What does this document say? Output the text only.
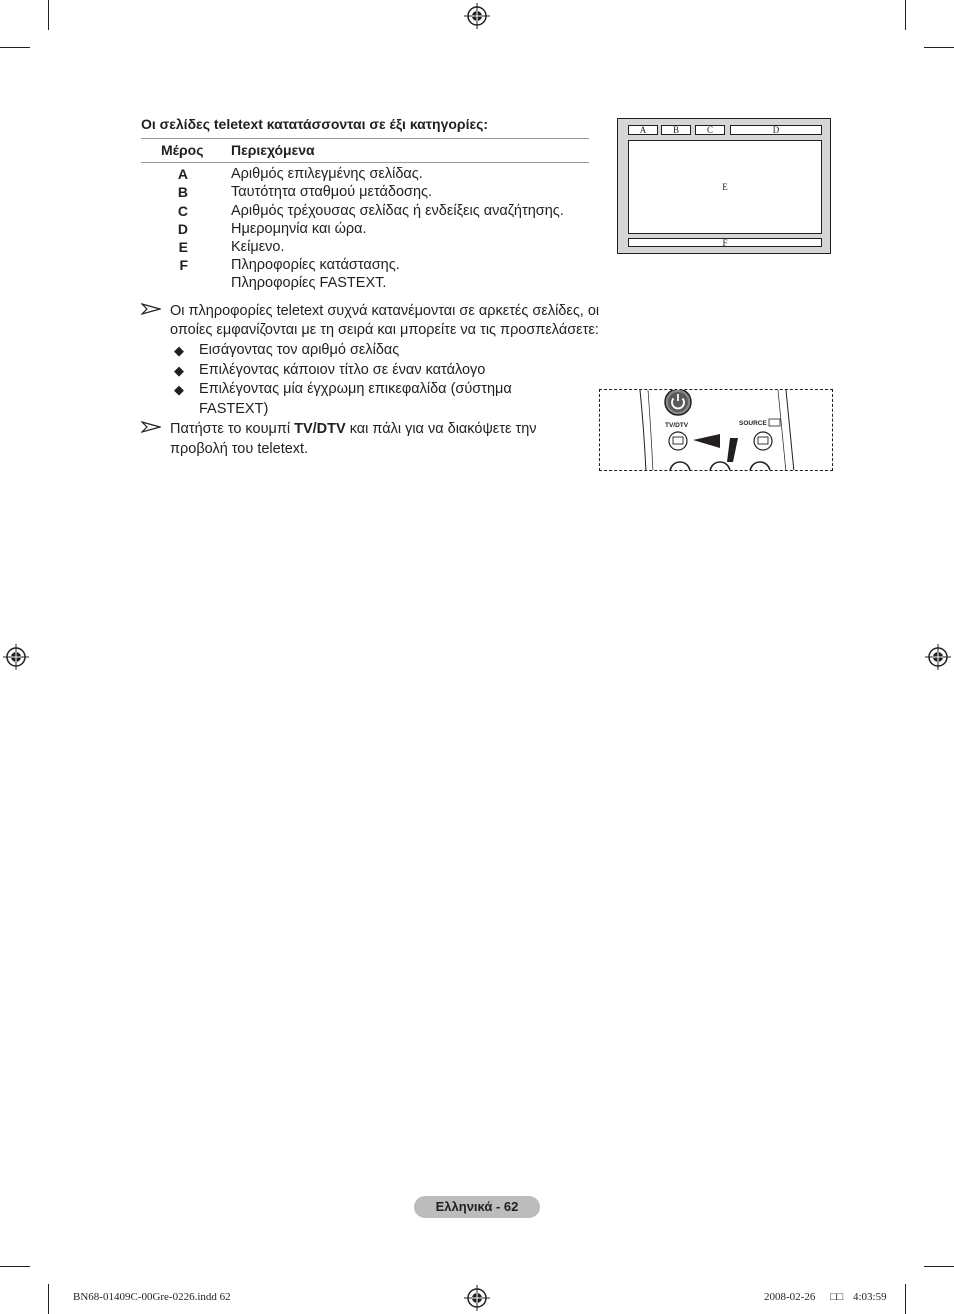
Οι σελίδες teletext κατατάσσονται σε έξι κατηγορίες:
Μέρος Περιεχόμενα
A	Αριθμός επιλεγμένης σελίδας.
B	Ταυτότητα σταθμού μετάδοσης.
C	Αριθμός τρέχουσας σελίδας ή ενδείξεις αναζήτησης.
D	Ημερομηνία και ώρα.
E	Κείμενο.
F	Πληροφορίες κατάστασης.
Πληροφορίες FASTEXT.
A	B	C	D
E
F
Οι πληροφορίες teletext συχνά κατανέμονται σε αρκετές σελίδες, οι
οποίες εμφανίζονται με τη σειρά και μπορείτε να τις προσπελάσετε:
◆ Εισάγοντας τον αριθμό σελίδας
◆ Επιλέγοντας κάποιον τίτλο σε έναν κατάλογο
◆ Επιλέγοντας μία έγχρωμη επικεφαλίδα (σύστημα
FASTEXT)
Πατήστε το κουμπί TV/DTV και πάλι για να διακόψετε την
προβολή του teletext.
TV/DTV	SOURCE
Ελληνικά - 62
BN68-01409C-00Gre-0226.indd 62	2008-02-26 □□ 4:03:59
